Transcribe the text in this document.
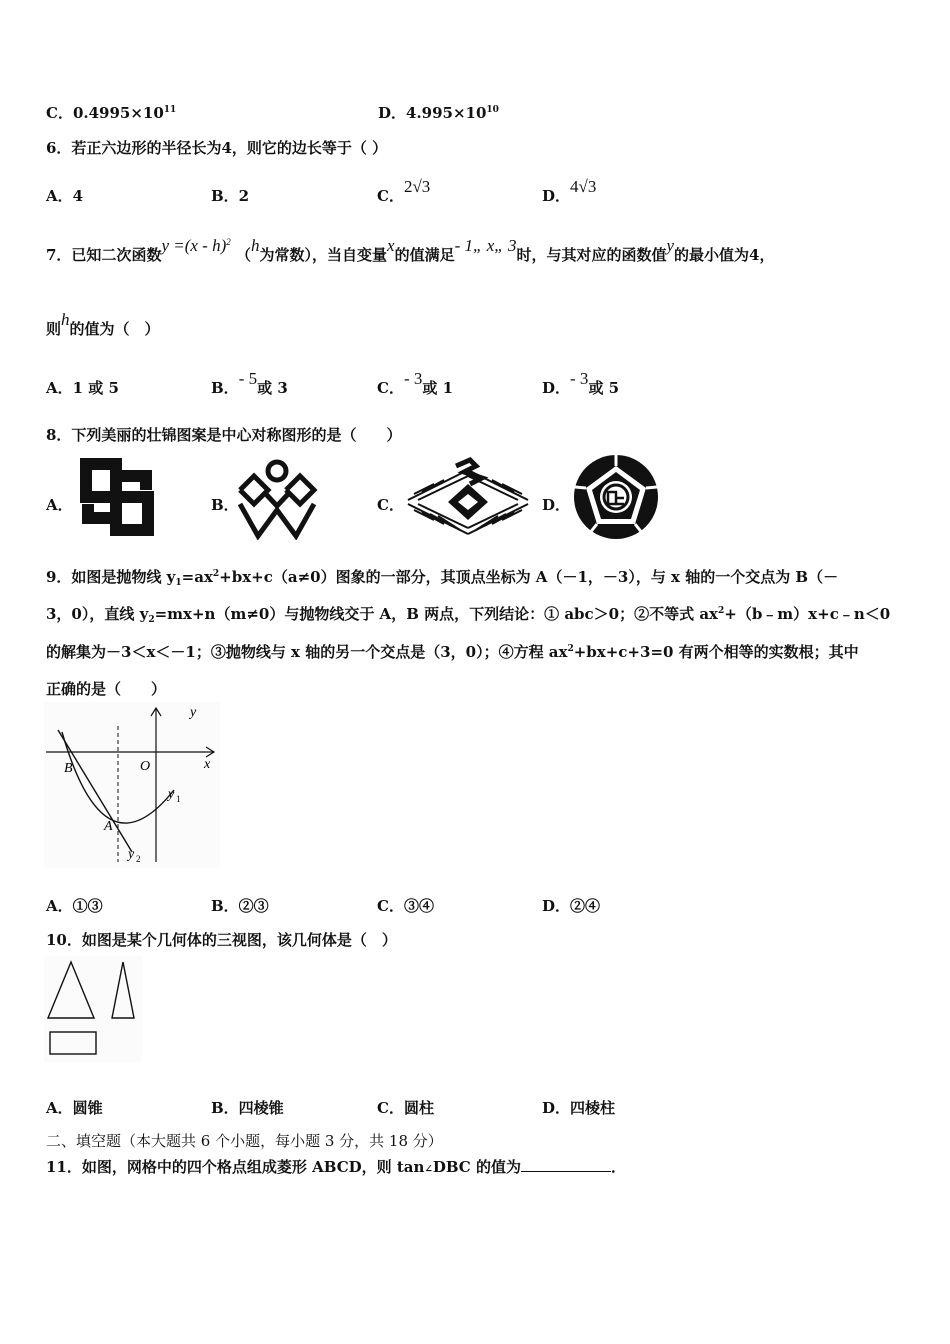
C．$0.4995\times 10^{11}$	D．$4.995\times 10^{10}$
6．若正六边形的半径长为4，则它的边长等于（ ）
A．4	B．2	C．2√3	D．4√3
7．已知二次函数y =(x - h)$^2$ （h为常数），当自变量x的值满足- 1„ x„ 3时，与其对应的函数值y的最小值为4，
则h的值为（　）
A．1 或 5	B．- 5或 3	C．- 3或 1	D．- 3或 5
8．下列美丽的壮锦图案是中心对称图形的是（　　）
A．	B．	C．	D．
9．如图是抛物线 $y_1=ax^2+bx+c(a\ne 0)$图象的一部分，其顶点坐标为 A（－1，－3），与 x 轴的一个交点为 B（－
3，0），直线 $y_2=mx+n(m\ne 0)$与抛物线交于 A，B 两点，下列结论：① abc＞0；②不等式 $ax^2+(b﹣m)x+c﹣n<0$
的解集为－3＜x＜－1；③抛物线与 x 轴的另一个交点是（3，0）；④方程 $ax^2+bx+c+3=0$ 有两个相等的实数根；其中
正确的是（　　）
y
x
B	O
A
y 1
y 2
A．①③	B．②③	C．③④	D．②④
10．如图是某个几何体的三视图，该几何体是（　）
A．圆锥	B．四棱锥	C．圆柱	D．四棱柱
二、填空题（本大题共 6 个小题，每小题 3 分，共 18 分）
11．如图，网格中的四个格点组成菱形 ABCD，则 tan∠DBC 的值为	．
